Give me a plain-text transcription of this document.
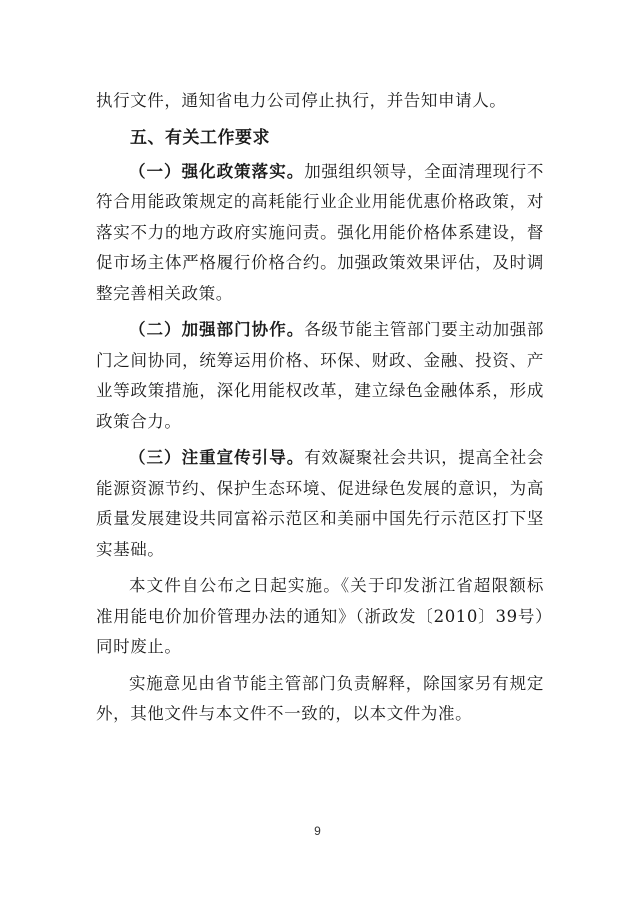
执行文件，通知省电力公司停止执行，并告知申请人。

五、有关工作要求

（一）强化政策落实。加强组织领导，全面清理现行不符合用能政策规定的高耗能行业企业用能优惠价格政策，对落实不力的地方政府实施问责。强化用能价格体系建设，督促市场主体严格履行价格合约。加强政策效果评估，及时调整完善相关政策。

（二）加强部门协作。各级节能主管部门要主动加强部门之间协同，统筹运用价格、环保、财政、金融、投资、产业等政策措施，深化用能权改革，建立绿色金融体系，形成政策合力。

（三）注重宣传引导。有效凝聚社会共识，提高全社会能源资源节约、保护生态环境、促进绿色发展的意识，为高质量发展建设共同富裕示范区和美丽中国先行示范区打下坚实基础。

本文件自公布之日起实施。《关于印发浙江省超限额标准用能电价加价管理办法的通知》（浙政发〔2010〕39号）同时废止。

实施意见由省节能主管部门负责解释，除国家另有规定外，其他文件与本文件不一致的，以本文件为准。

9
